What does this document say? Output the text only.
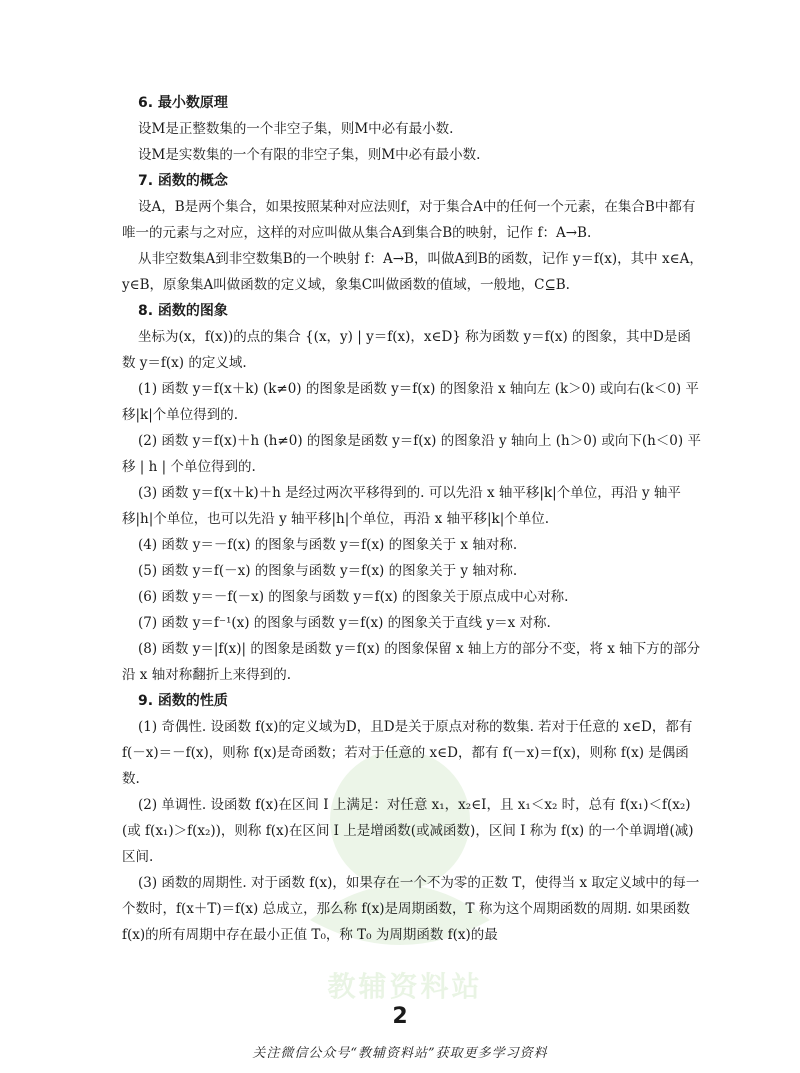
教辅资料站

6. 最小数原理

设M是正整数集的一个非空子集，则M中必有最小数.

设M是实数集的一个有限的非空子集，则M中必有最小数.

7. 函数的概念

设A，B是两个集合，如果按照某种对应法则f，对于集合A中的任何一个元素，在集合B中都有唯一的元素与之对应，这样的对应叫做从集合A到集合B的映射，记作 f：A→B.

从非空数集A到非空数集B的一个映射 f：A→B，叫做A到B的函数，记作 y＝f(x)，其中 x∈A，y∈B，原象集A叫做函数的定义域，象集C叫做函数的值域，一般地，C⊆B.

8. 函数的图象

坐标为(x，f(x))的点的集合 {(x，y) | y＝f(x)，x∈D} 称为函数 y＝f(x) 的图象，其中D是函数 y＝f(x) 的定义域.

(1) 函数 y＝f(x＋k) (k≠0) 的图象是函数 y＝f(x) 的图象沿 x 轴向左 (k＞0) 或向右(k＜0) 平移|k|个单位得到的.

(2) 函数 y＝f(x)＋h (h≠0) 的图象是函数 y＝f(x) 的图象沿 y 轴向上 (h＞0) 或向下(h＜0) 平移 | h | 个单位得到的.

(3) 函数 y＝f(x＋k)＋h 是经过两次平移得到的. 可以先沿 x 轴平移|k|个单位，再沿 y 轴平移|h|个单位，也可以先沿 y 轴平移|h|个单位，再沿 x 轴平移|k|个单位.

(4) 函数 y＝－f(x) 的图象与函数 y＝f(x) 的图象关于 x 轴对称.

(5) 函数 y＝f(－x) 的图象与函数 y＝f(x) 的图象关于 y 轴对称.

(6) 函数 y＝－f(－x) 的图象与函数 y＝f(x) 的图象关于原点成中心对称.

(7) 函数 y＝f⁻¹(x) 的图象与函数 y＝f(x) 的图象关于直线 y＝x 对称.

(8) 函数 y＝|f(x)| 的图象是函数 y＝f(x) 的图象保留 x 轴上方的部分不变，将 x 轴下方的部分沿 x 轴对称翻折上来得到的.

9. 函数的性质

(1) 奇偶性. 设函数 f(x)的定义域为D，且D是关于原点对称的数集. 若对于任意的 x∈D，都有 f(－x)＝－f(x)，则称 f(x)是奇函数；若对于任意的 x∈D，都有 f(－x)＝f(x)，则称 f(x) 是偶函数.

(2) 单调性. 设函数 f(x)在区间 I 上满足：对任意 x₁，x₂∈I，且 x₁＜x₂ 时，总有 f(x₁)＜f(x₂)(或 f(x₁)＞f(x₂))，则称 f(x)在区间 I 上是增函数(或减函数)，区间 I 称为 f(x) 的一个单调增(减) 区间.

(3) 函数的周期性. 对于函数 f(x)，如果存在一个不为零的正数 T，使得当 x 取定义域中的每一个数时，f(x＋T)＝f(x) 总成立，那么称 f(x)是周期函数，T 称为这个周期函数的周期. 如果函数 f(x)的所有周期中存在最小正值 T₀，称 T₀ 为周期函数 f(x)的最

2
关注微信公众号“教辅资料站”获取更多学习资料
